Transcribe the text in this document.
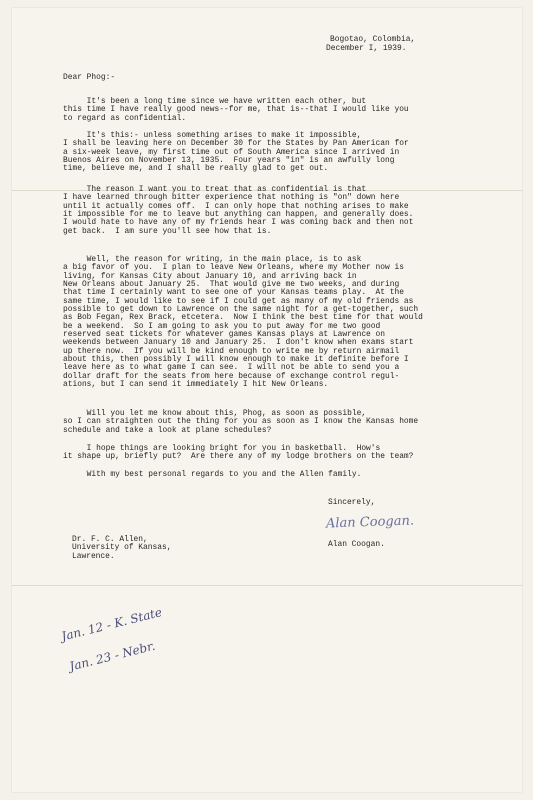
Bogotao, Colombia,
December I, 1939.
Dear Phog:-
It's been a long time since we have written each other, but
this time I have really good news--for me, that is--that I would like you
to regard as confidential.
It's this:- unless something arises to make it impossible,
I shall be leaving here on December 30 for the States by Pan American for
a six-week leave, my first time out of South America since I arrived in
Buenos Aires on November 13, 1935.  Four years "in" is an awfully long
time, believe me, and I shall be really glad to get out.
The reason I want you to treat that as confidential is that
I have learned through bitter experience that nothing is "on" down here
until it actually comes off.  I can only hope that nothing arises to make
it impossible for me to leave but anything can happen, and generally does.
I would hate to have any of my friends hear I was coming back and then not
get back.  I am sure you'll see how that is.
Well, the reason for writing, in the main place, is to ask
a big favor of you.  I plan to leave New Orleans, where my Mother now is
living, for Kansas City about January 10, and arriving back in
New Orleans about January 25.  That would give me two weeks, and during
that time I certainly want to see one of your Kansas teams play.  At the
same time, I would like to see if I could get as many of my old friends as
possible to get down to Lawrence on the same night for a get-together, such
as Bob Fegan, Rex Brack, etcetera.  Now I think the best time for that would
be a weekend.  So I am going to ask you to put away for me two good
reserved seat tickets for whatever games Kansas plays at Lawrence on
weekends between January 10 and January 25.  I don't know when exams start
up there now.  If you will be kind enough to write me by return airmail
about this, then possibly I will know enough to make it definite before I
leave here as to what game I can see.  I will not be able to send you a
dollar draft for the seats from here because of exchange control regul-
ations, but I can send it immediately I hit New Orleans.
Will you let me know about this, Phog, as soon as possible,
so I can straighten out the thing for you as soon as I know the Kansas home
schedule and take a look at plane schedules?
I hope things are looking bright for you in basketball.  How's
it shape up, briefly put?  Are there any of my lodge brothers on the team?
With my best personal regards to you and the Allen family.
Sincerely,
Alan Coogan.
Alan Coogan.
Dr. F. C. Allen,
University of Kansas,
Lawrence.
Jan. 12 - K. State
Jan. 23 - Nebr.
